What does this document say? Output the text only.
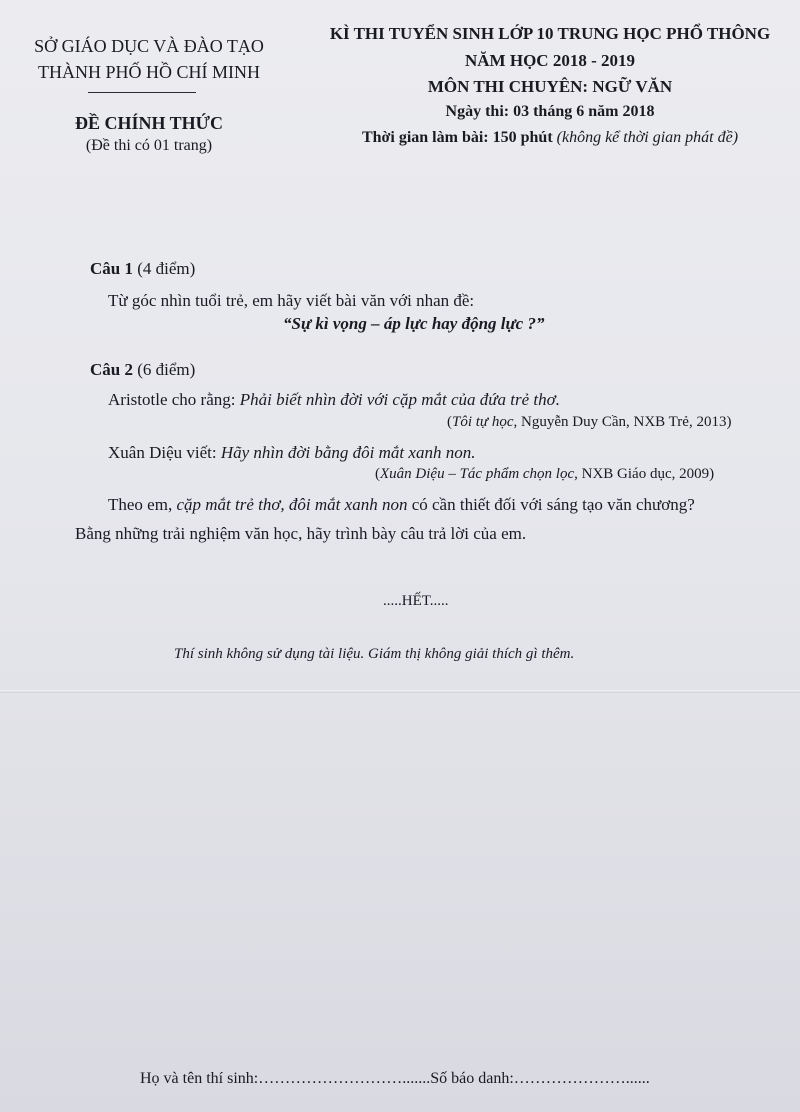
SỞ GIÁO DỤC VÀ ĐÀO TẠO
THÀNH PHỐ HỒ CHÍ MINH
ĐỀ CHÍNH THỨC
(Đề thi có 01 trang)
KÌ THI TUYỂN SINH LỚP 10 TRUNG HỌC PHỔ THÔNG
NĂM HỌC 2018 - 2019
MÔN THI CHUYÊN: NGỮ VĂN
Ngày thi: 03 tháng 6 năm 2018
Thời gian làm bài: 150 phút (không kể thời gian phát đề)
Câu 1 (4 điểm)
Từ góc nhìn tuổi trẻ, em hãy viết bài văn với nhan đề:
“Sự kì vọng – áp lực hay động lực ?”
Câu 2 (6 điểm)
Aristotle cho rằng: Phải biết nhìn đời với cặp mắt của đứa trẻ thơ.
(Tôi tự học, Nguyễn Duy Cần, NXB Trẻ, 2013)
Xuân Diệu viết: Hãy nhìn đời bằng đôi mắt xanh non.
(Xuân Diệu – Tác phẩm chọn lọc, NXB Giáo dục, 2009)
Theo em, cặp mắt trẻ thơ, đôi mắt xanh non có cần thiết đối với sáng tạo văn chương?
Bằng những trải nghiệm văn học, hãy trình bày câu trả lời của em.
.....HẾT.....
Thí sinh không sử dụng tài liệu. Giám thị không giải thích gì thêm.
Họ và tên thí sinh:……………………….......Số báo danh:…………………......
